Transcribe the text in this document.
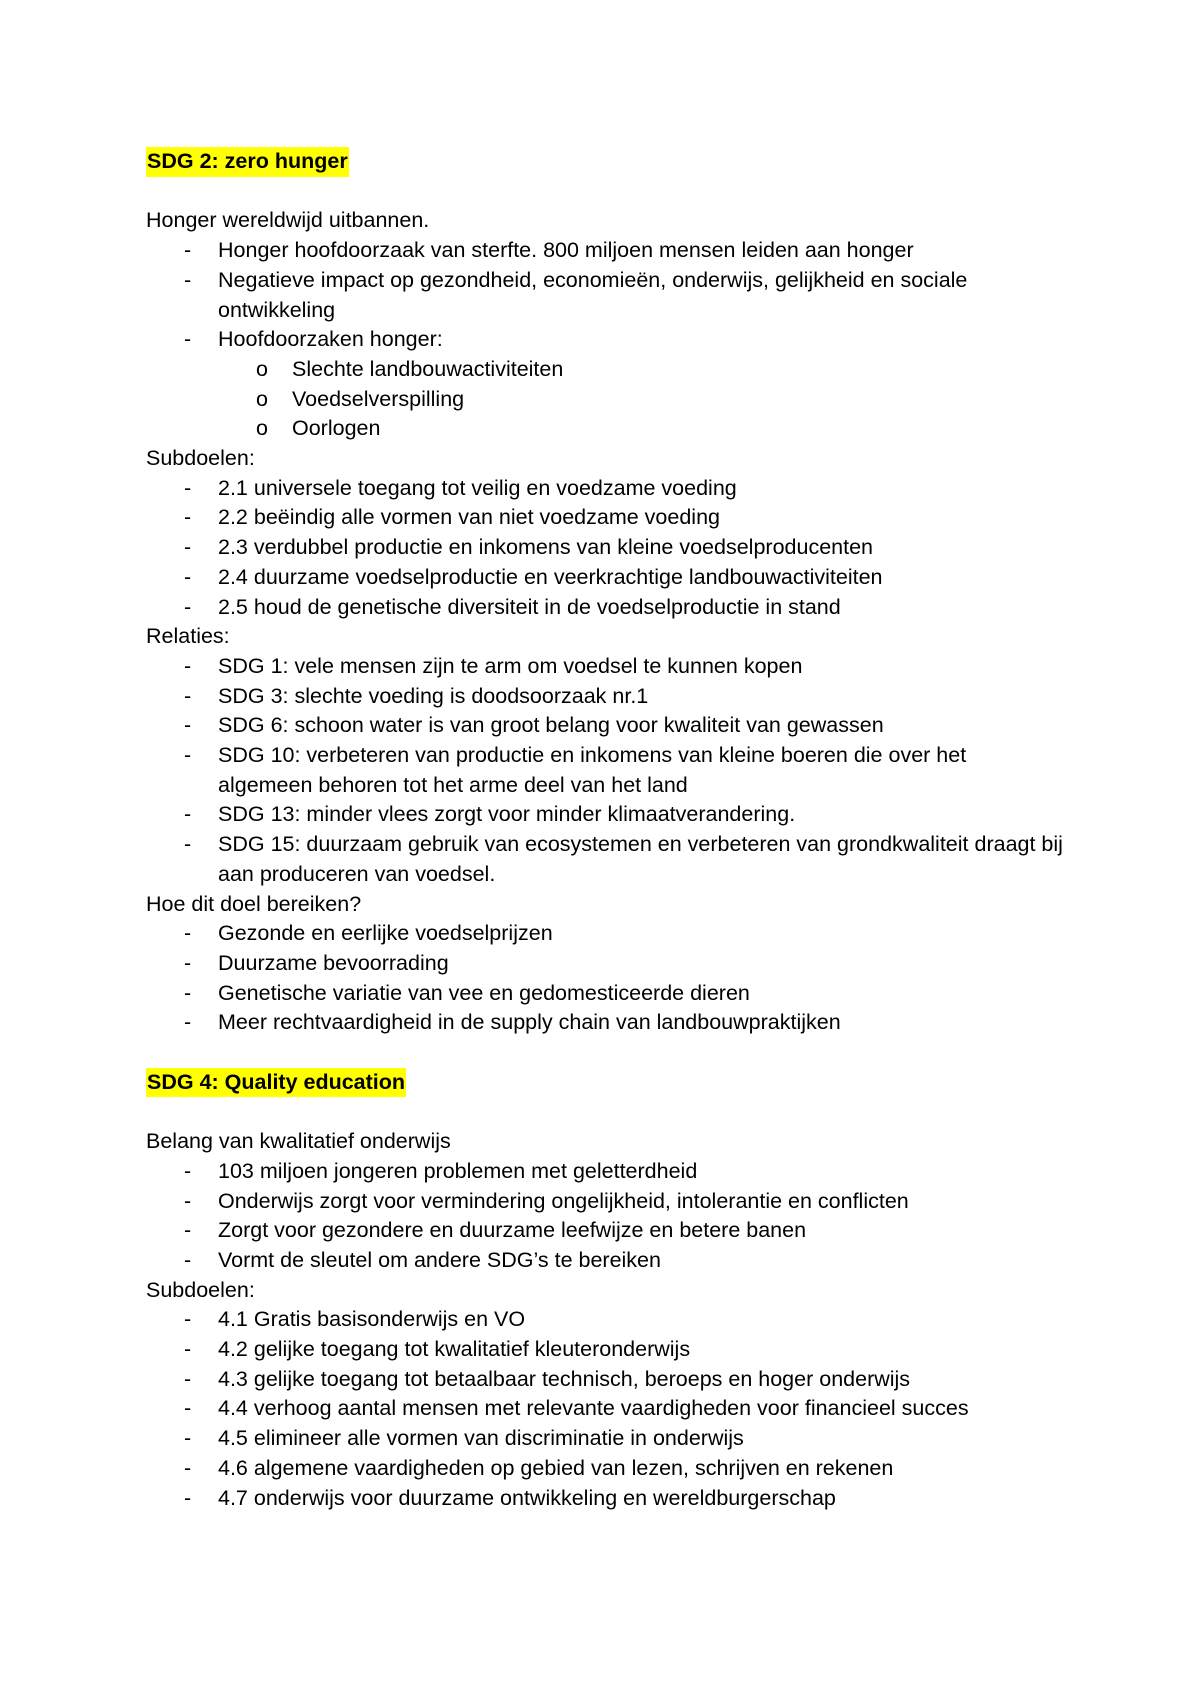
SDG 2: zero hunger
Honger wereldwijd uitbannen.
- Honger hoofdoorzaak van sterfte. 800 miljoen mensen leiden aan honger
- Negatieve impact op gezondheid, economieën, onderwijs, gelijkheid en sociale ontwikkeling
- Hoofdoorzaken honger:
o Slechte landbouwactiviteiten
o Voedselverspilling
o Oorlogen
Subdoelen:
- 2.1 universele toegang tot veilig en voedzame voeding
- 2.2 beëindig alle vormen van niet voedzame voeding
- 2.3 verdubbel productie en inkomens van kleine voedselproducenten
- 2.4 duurzame voedselproductie en veerkrachtige landbouwactiviteiten
- 2.5 houd de genetische diversiteit in de voedselproductie in stand
Relaties:
- SDG 1: vele mensen zijn te arm om voedsel te kunnen kopen
- SDG 3: slechte voeding is doodsoorzaak nr.1
- SDG 6: schoon water is van groot belang voor kwaliteit van gewassen
- SDG 10: verbeteren van productie en inkomens van kleine boeren die over het algemeen behoren tot het arme deel van het land
- SDG 13: minder vlees zorgt voor minder klimaatverandering.
- SDG 15: duurzaam gebruik van ecosystemen en verbeteren van grondkwaliteit draagt bij aan produceren van voedsel.
Hoe dit doel bereiken?
- Gezonde en eerlijke voedselprijzen
- Duurzame bevoorrading
- Genetische variatie van vee en gedomesticeerde dieren
- Meer rechtvaardigheid in de supply chain van landbouwpraktijken
SDG 4: Quality education
Belang van kwalitatief onderwijs
- 103 miljoen jongeren problemen met geletterdheid
- Onderwijs zorgt voor vermindering ongelijkheid, intolerantie en conflicten
- Zorgt voor gezondere en duurzame leefwijze en betere banen
- Vormt de sleutel om andere SDG’s te bereiken
Subdoelen:
- 4.1 Gratis basisonderwijs en VO
- 4.2 gelijke toegang tot kwalitatief kleuteronderwijs
- 4.3 gelijke toegang tot betaalbaar technisch, beroeps en hoger onderwijs
- 4.4 verhoog aantal mensen met relevante vaardigheden voor financieel succes
- 4.5 elimineer alle vormen van discriminatie in onderwijs
- 4.6 algemene vaardigheden op gebied van lezen, schrijven en rekenen
- 4.7 onderwijs voor duurzame ontwikkeling en wereldburgerschap
